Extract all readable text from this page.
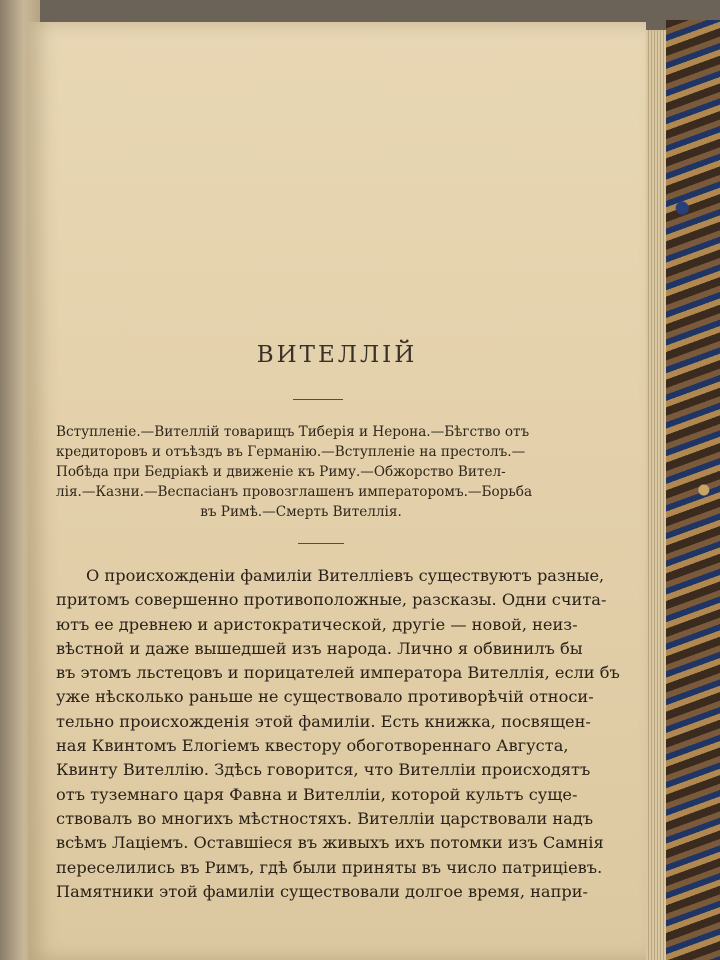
ВИТЕЛЛІЙ
Вступленіе.—Вителлій товарищъ Тиберія и Нерона.—Бѣгство отъ
кредиторовъ и отъѣздъ въ Германію.—Вступленіе на престолъ.—
Побѣда при Бедріакѣ и движеніе къ Риму.—Обжорство Вител-
лія.—Казни.—Веспасіанъ провозглашенъ императоромъ.—Борьба
въ Римѣ.—Смерть Вителлія.
О происхожденіи фамиліи Вителліевъ существуютъ разные,
притомъ совершенно противоположные, разсказы. Одни счита-
ютъ ее древнею и аристократической, другіе — новой, неиз-
вѣстной и даже вышедшей изъ народа. Лично я обвинилъ бы
въ этомъ льстецовъ и порицателей императора Вителлія, если бъ
уже нѣсколько раньше не существовало противорѣчій относи-
тельно происхожденія этой фамиліи. Есть книжка, посвящен-
ная Квинтомъ Елогіемъ квестору обоготвореннаго Августа,
Квинту Вителлію. Здѣсь говорится, что Вителліи происходятъ
отъ туземнаго царя Фавна и Вителліи, которой культъ суще-
ствовалъ во многихъ мѣстностяхъ. Вителліи царствовали надъ
всѣмъ Лаціемъ. Оставшіеся въ живыхъ ихъ потомки изъ Самнія
переселились въ Римъ, гдѣ были приняты въ число патриціевъ.
Памятники этой фамиліи существовали долгое время, напри-
